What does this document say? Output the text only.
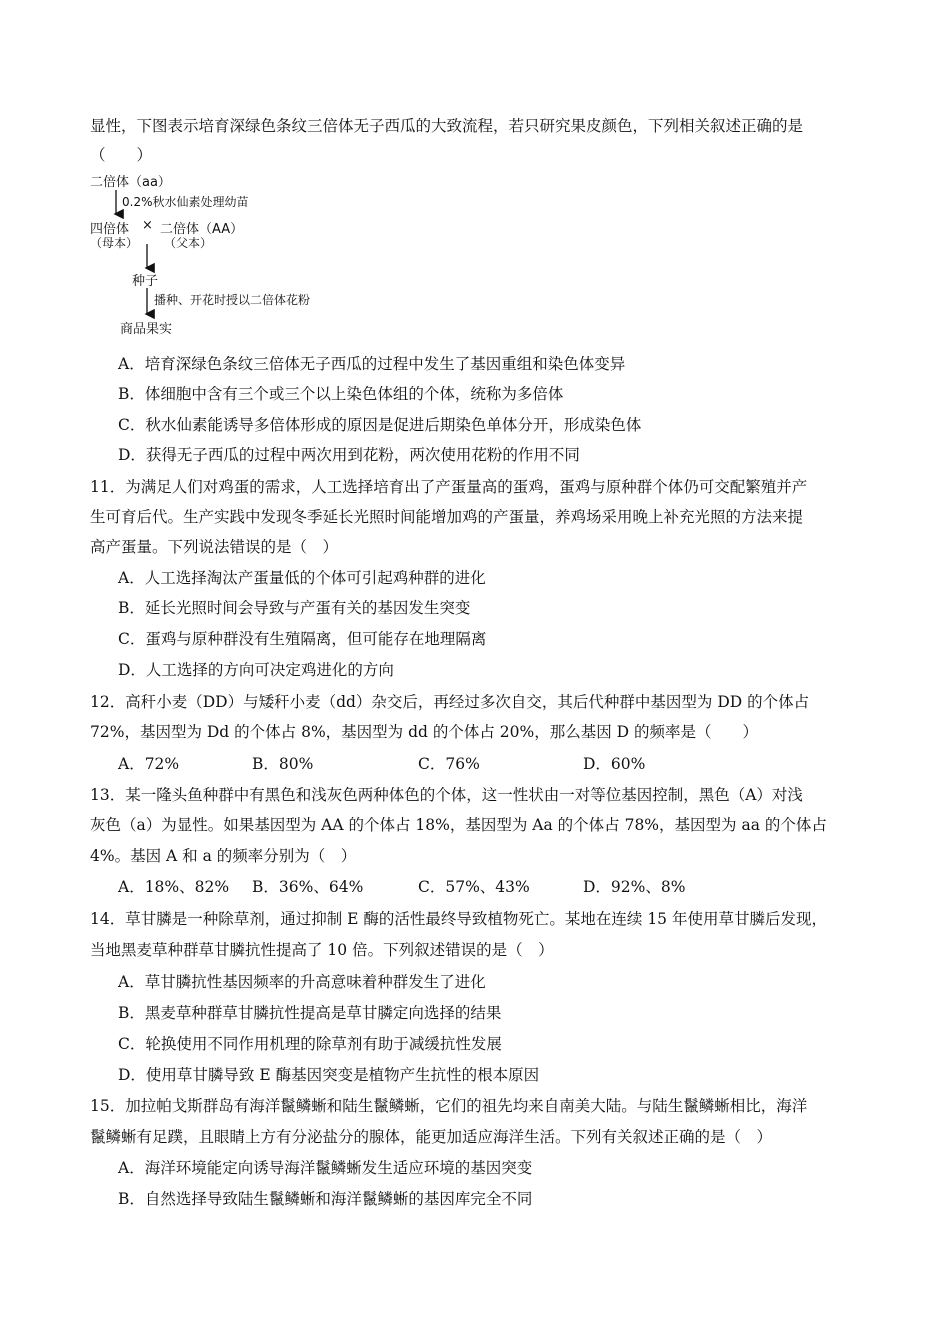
显性，下图表示培育深绿色条纹三倍体无子西瓜的大致流程，若只研究果皮颜色，下列相关叙述正确的是
（　　）
二倍体（aa）
0.2%秋水仙素处理幼苗
四倍体 × 二倍体（AA）
（母本） （父本）
种子
播种、开花时授以二倍体花粉
商品果实
A．培育深绿色条纹三倍体无子西瓜的过程中发生了基因重组和染色体变异
B．体细胞中含有三个或三个以上染色体组的个体，统称为多倍体
C．秋水仙素能诱导多倍体形成的原因是促进后期染色单体分开，形成染色体
D．获得无子西瓜的过程中两次用到花粉，两次使用花粉的作用不同
11．为满足人们对鸡蛋的需求，人工选择培育出了产蛋量高的蛋鸡，蛋鸡与原种群个体仍可交配繁殖并产
生可育后代。生产实践中发现冬季延长光照时间能增加鸡的产蛋量，养鸡场采用晚上补充光照的方法来提
高产蛋量。下列说法错误的是（　）
A．人工选择淘汰产蛋量低的个体可引起鸡种群的进化
B．延长光照时间会导致与产蛋有关的基因发生突变
C．蛋鸡与原种群没有生殖隔离，但可能存在地理隔离
D．人工选择的方向可决定鸡进化的方向
12．高秆小麦（DD）与矮秆小麦（dd）杂交后，再经过多次自交，其后代种群中基因型为 DD 的个体占
72%，基因型为 Dd 的个体占 8%，基因型为 dd 的个体占 20%，那么基因 D 的频率是（　　）
A．72%	B．80%	C．76%	D．60%
13．某一隆头鱼种群中有黑色和浅灰色两种体色的个体，这一性状由一对等位基因控制，黑色（A）对浅
灰色（a）为显性。如果基因型为 AA 的个体占 18%，基因型为 Aa 的个体占 78%，基因型为 aa 的个体占
4%。基因 A 和 a 的频率分别为（　）
A．18%、82% B．36%、64%	C．57%、43%	D．92%、8%
14．草甘膦是一种除草剂，通过抑制 E 酶的活性最终导致植物死亡。某地在连续 15 年使用草甘膦后发现，
当地黑麦草种群草甘膦抗性提高了 10 倍。下列叙述错误的是（　）
A．草甘膦抗性基因频率的升高意味着种群发生了进化
B．黑麦草种群草甘膦抗性提高是草甘膦定向选择的结果
C．轮换使用不同作用机理的除草剂有助于减缓抗性发展
D．使用草甘膦导致 E 酶基因突变是植物产生抗性的根本原因
15．加拉帕戈斯群岛有海洋鬣鳞蜥和陆生鬣鳞蜥，它们的祖先均来自南美大陆。与陆生鬣鳞蜥相比，海洋
鬣鳞蜥有足蹼，且眼睛上方有分泌盐分的腺体，能更加适应海洋生活。下列有关叙述正确的是（　）
A．海洋环境能定向诱导海洋鬣鳞蜥发生适应环境的基因突变
B．自然选择导致陆生鬣鳞蜥和海洋鬣鳞蜥的基因库完全不同
